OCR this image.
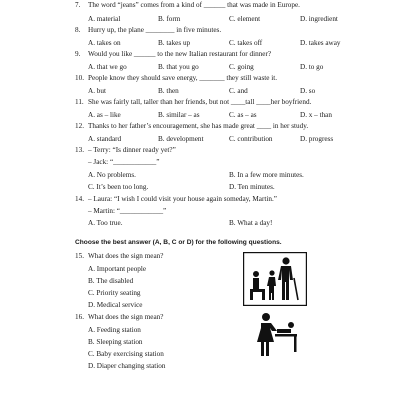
7. The word “jeans” comes from a kind of ______ that was made in Europe.
A. material	B. form	C. element	D. ingredient
8. Hurry up, the plane ________ in five minutes.
A. takes on	B. takes up	C. takes off	D. takes away
9. Would you like ______ to the new Italian restaurant for dinner?
A. that we go	B. that you go	C. going	D. to go
10. People know they should save energy, _______ they still waste it.
A. but	B. then	C. and	D. so
11. She was fairly tall, taller than her friends, but not ____tall ____her boyfriend.
A. as – like	B. similar – as	C. as – as	D. x – than
12. Thanks to her father’s encouragement, she has made great ____ in her study.
A. standard	B. development	C. contribution	D. progress
13. – Terry: “Is dinner ready yet?”
– Jack: “____________”
A. No problems.	B. In a few more minutes.
C. It’s been too long.	D. Ten minutes.
14. – Laura: “I wish I could visit your house again someday, Martin.”
– Martin: “____________”
A. Too true.	B. What a day!
Choose the best answer (A, B, C or D) for the following questions.
15. What does the sign mean?
A. Important people
B. The disabled
C. Priority seating
D. Medical service
16. What does the sign mean?
A. Feeding station
B. Sleeping station
C. Baby exercising station
D. Diaper changing station
